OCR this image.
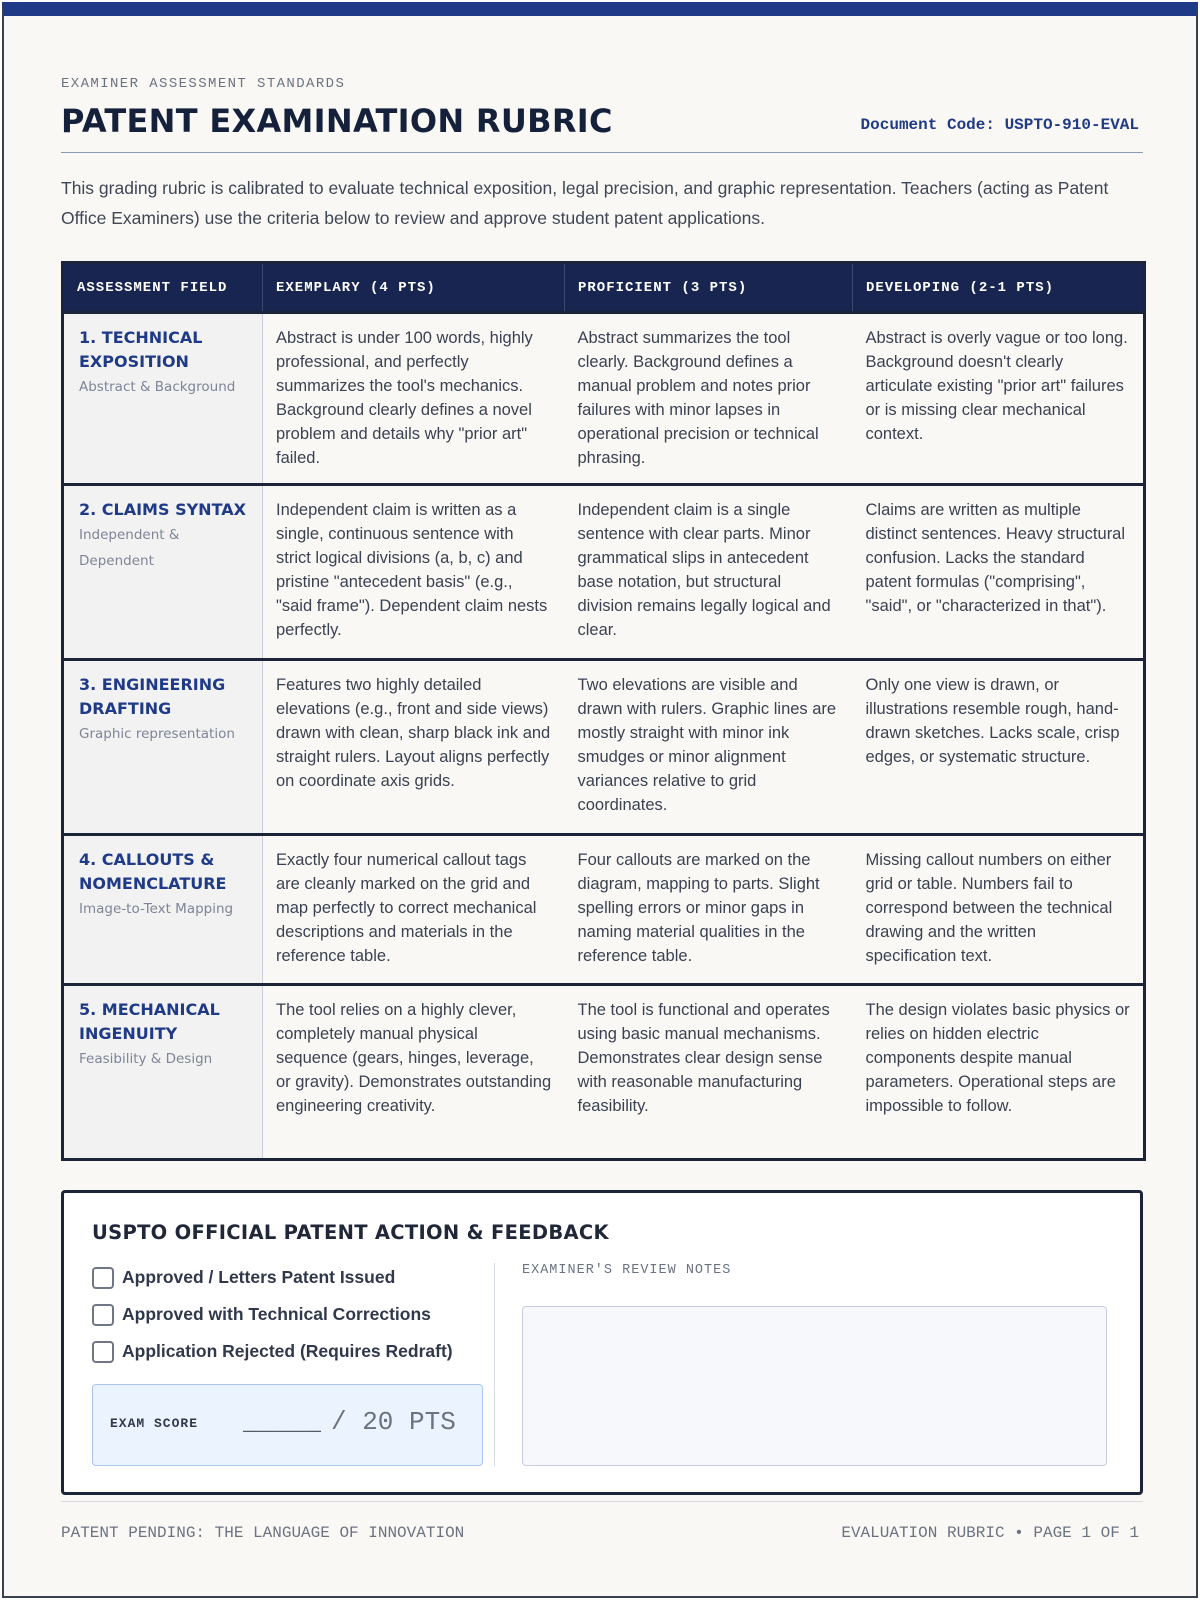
EXAMINER ASSESSMENT STANDARDS
PATENT EXAMINATION RUBRIC	Document Code: USPTO-910-EVAL
This grading rubric is calibrated to evaluate technical exposition, legal precision, and graphic representation. Teachers (acting as Patent Office Examiners) use the criteria below to review and approve student patent applications.
ASSESSMENT FIELD	EXEMPLARY (4 PTS)	PROFICIENT (3 PTS)	DEVELOPING (2-1 PTS)

1. TECHNICAL EXPOSITION
Abstract & Background	Abstract is under 100 words, highly professional, and perfectly summarizes the tool's mechanics. Background clearly defines a novel problem and details why "prior art" failed.	Abstract summarizes the tool clearly. Background defines a manual problem and notes prior failures with minor lapses in operational precision or technical phrasing.	Abstract is overly vague or too long. Background doesn't clearly articulate existing "prior art" failures or is missing clear mechanical context.

2. CLAIMS SYNTAX
Independent & Dependent	Independent claim is written as a single, continuous sentence with strict logical divisions (a, b, c) and pristine "antecedent basis" (e.g., "said frame"). Dependent claim nests perfectly.	Independent claim is a single sentence with clear parts. Minor grammatical slips in antecedent base notation, but structural division remains legally logical and clear.	Claims are written as multiple distinct sentences. Heavy structural confusion. Lacks the standard patent formulas ("comprising", "said", or "characterized in that").

3. ENGINEERING DRAFTING
Graphic representation	Features two highly detailed elevations (e.g., front and side views) drawn with clean, sharp black ink and straight rulers. Layout aligns perfectly on coordinate axis grids.	Two elevations are visible and drawn with rulers. Graphic lines are mostly straight with minor ink smudges or minor alignment variances relative to grid coordinates.	Only one view is drawn, or illustrations resemble rough, hand-drawn sketches. Lacks scale, crisp edges, or systematic structure.

4. CALLOUTS & NOMENCLATURE
Image-to-Text Mapping	Exactly four numerical callout tags are cleanly marked on the grid and map perfectly to correct mechanical descriptions and materials in the reference table.	Four callouts are marked on the diagram, mapping to parts. Slight spelling errors or minor gaps in naming material qualities in the reference table.	Missing callout numbers on either grid or table. Numbers fail to correspond between the technical drawing and the written specification text.

5. MECHANICAL INGENUITY
Feasibility & Design	The tool relies on a highly clever, completely manual physical sequence (gears, hinges, leverage, or gravity). Demonstrates outstanding engineering creativity.	The tool is functional and operates using basic manual mechanisms. Demonstrates clear design sense with reasonable manufacturing feasibility.	The design violates basic physics or relies on hidden electric components despite manual parameters. Operational steps are impossible to follow.
USPTO OFFICIAL PATENT ACTION & FEEDBACK
Approved / Letters Patent Issued
Approved with Technical Corrections
Application Rejected (Requires Redraft)
EXAM SCORE _____ / 20 PTS
EXAMINER'S REVIEW NOTES
PATENT PENDING: THE LANGUAGE OF INNOVATION	EVALUATION RUBRIC • PAGE 1 OF 1
